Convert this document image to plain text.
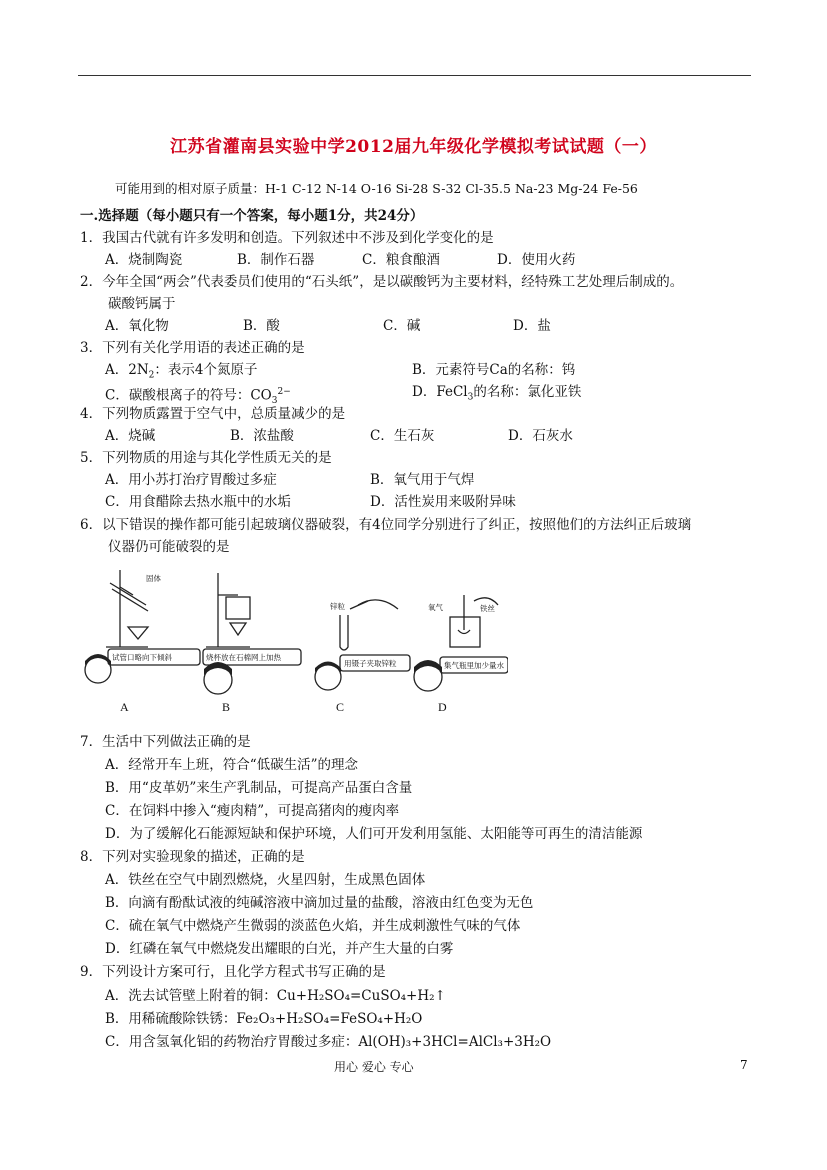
江苏省灌南县实验中学2012届九年级化学模拟考试试题（一）
可能用到的相对原子质量：H-1 C-12 N-14 O-16 Si-28 S-32 Cl-35.5 Na-23 Mg-24 Fe-56
一.选择题（每小题只有一个答案，每小题1分，共24分）
1．我国古代就有许多发明和创造。下列叙述中不涉及到化学变化的是
A．烧制陶瓷	B．制作石器	C．粮食酿酒	D．使用火药
2．今年全国“两会”代表委员们使用的“石头纸”，是以碳酸钙为主要材料，经特殊工艺处理后制成的。
碳酸钙属于
A．氧化物	B．酸	C．碱	D．盐
3．下列有关化学用语的表述正确的是
A．$2N_2$：表示4个氮原子	B．元素符号Ca的名称：钨
C．碳酸根离子的符号：$CO_3^{2-}$	D．FeCl$_3$的名称：氯化亚铁
4．下列物质露置于空气中，总质量减少的是
A．烧碱	B．浓盐酸	C．生石灰	D．石灰水
5．下列物质的用途与其化学性质无关的是
A．用小苏打治疗胃酸过多症	B．氧气用于气焊
C．用食醋除去热水瓶中的水垢	D．活性炭用来吸附异味
6．以下错误的操作都可能引起玻璃仪器破裂，有4位同学分别进行了纠正，按照他们的方法纠正后玻璃
仪器仍可能破裂的是
试管口略向下倾斜	烧杯放在石棉网上加热
用镊子夹取锌粒	集气瓶里加少量水
固体
锌粒	氧气	铁丝
A	B	C	D
7．生活中下列做法正确的是
A．经常开车上班，符合“低碳生活”的理念
B．用“皮革奶”来生产乳制品，可提高产品蛋白含量
C．在饲料中掺入“瘦肉精”，可提高猪肉的瘦肉率
D．为了缓解化石能源短缺和保护环境，人们可开发利用氢能、太阳能等可再生的清洁能源
8．下列对实验现象的描述，正确的是
A．铁丝在空气中剧烈燃烧，火星四射，生成黑色固体
B．向滴有酚酞试液的纯碱溶液中滴加过量的盐酸，溶液由红色变为无色
C．硫在氧气中燃烧产生微弱的淡蓝色火焰，并生成刺激性气味的气体
D．红磷在氧气中燃烧发出耀眼的白光，并产生大量的白雾
9．下列设计方案可行，且化学方程式书写正确的是
A．洗去试管壁上附着的铜：Cu+H₂SO₄=CuSO₄+H₂↑
B．用稀硫酸除铁锈：Fe₂O₃+H₂SO₄=FeSO₄+H₂O
C．用含氢氧化铝的药物治疗胃酸过多症：Al(OH)₃+3HCl=AlCl₃+3H₂O
用心 爱心 专心	7
